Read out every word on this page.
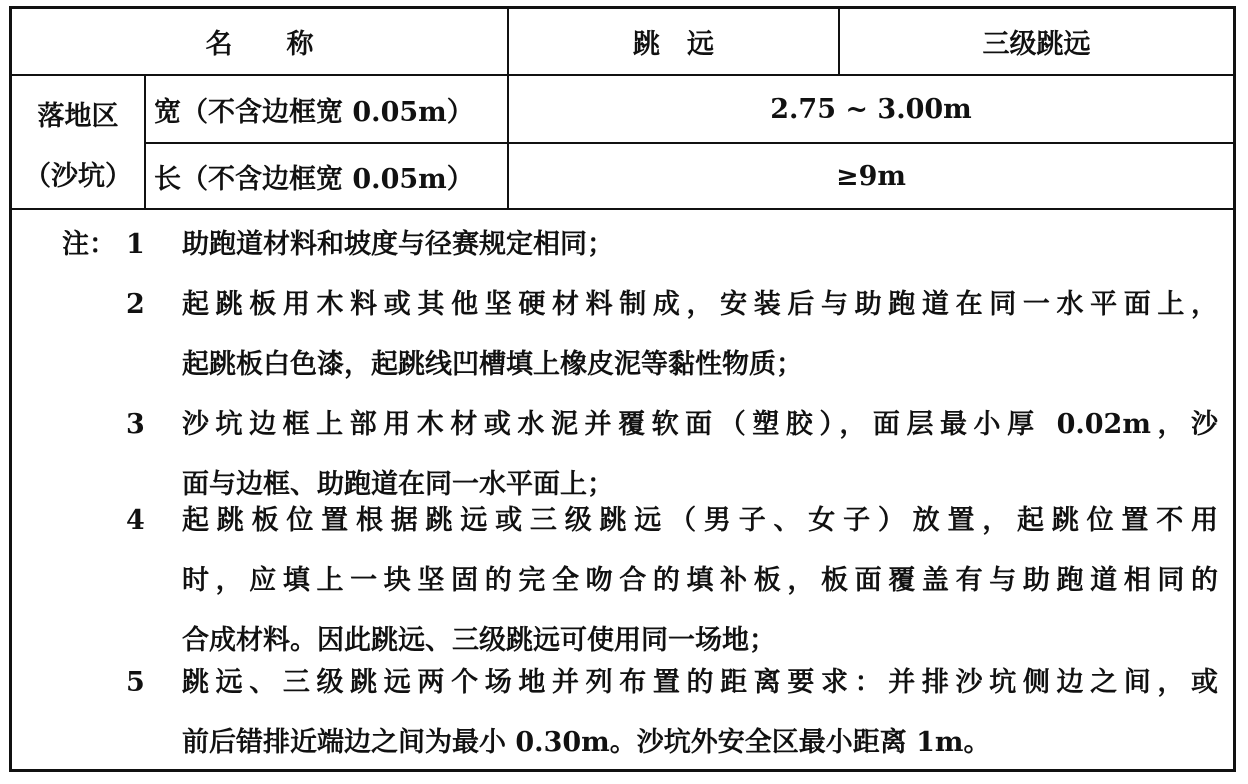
名　　称	跳　远	三级跳远
落地区
（沙坑）
宽（不含边框宽 0.05m）	2.75 ~ 3.00m
长（不含边框宽 0.05m）	≥9m
注： 1	助跑道材料和坡度与径赛规定相同；
2	起跳板用木料或其他坚硬材料制成，安装后与助跑道在同一水平面上，
起跳板白色漆，起跳线凹槽填上橡皮泥等黏性物质；
3	沙坑边框上部用木材或水泥并覆软面（塑胶），面层最小厚 0.02m，沙
面与边框、助跑道在同一水平面上；
4	起跳板位置根据跳远或三级跳远（男子、女子）放置，起跳位置不用
时，应填上一块坚固的完全吻合的填补板，板面覆盖有与助跑道相同的
合成材料。因此跳远、三级跳远可使用同一场地；
5	跳远、三级跳远两个场地并列布置的距离要求：并排沙坑侧边之间，或
前后错排近端边之间为最小 0.30m。沙坑外安全区最小距离 1m。
